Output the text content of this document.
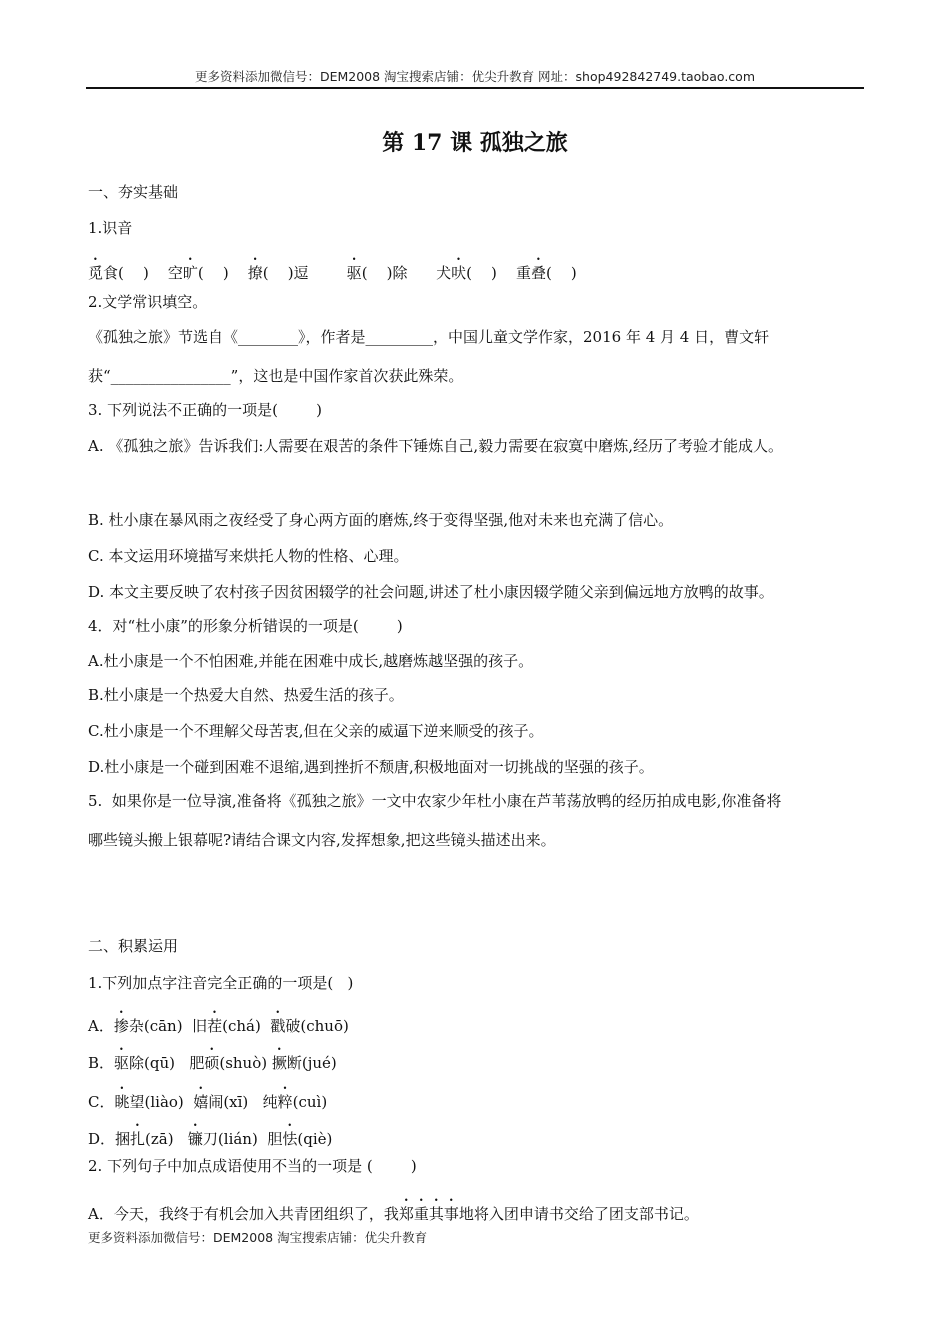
更多资料添加微信号：DEM2008 淘宝搜索店铺：优尖升教育 网址：shop492842749.taobao.com
第 17 课 孤独之旅
一、夯实基础
1.识音
觅食(    )    空旷(    )    撩(    )逗        驱(    )除      犬吠(    )    重叠(    )
2.文学常识填空。
《孤独之旅》节选自《________》，作者是_________，中国儿童文学作家，2016 年 4 月 4 日，曹文轩
获“________________”，这也是中国作家首次获此殊荣。
3. 下列说法不正确的一项是(        )
A. 《孤独之旅》告诉我们:人需要在艰苦的条件下锤炼自己,毅力需要在寂寞中磨炼,经历了考验才能成人。
B. 杜小康在暴风雨之夜经受了身心两方面的磨炼,终于变得坚强,他对未来也充满了信心。
C. 本文运用环境描写来烘托人物的性格、心理。
D. 本文主要反映了农村孩子因贫困辍学的社会问题,讲述了杜小康因辍学随父亲到偏远地方放鸭的故事。
4．对“杜小康”的形象分析错误的一项是(        )
A.杜小康是一个不怕困难,并能在困难中成长,越磨炼越坚强的孩子。
B.杜小康是一个热爱大自然、热爱生活的孩子。
C.杜小康是一个不理解父母苦衷,但在父亲的威逼下逆来顺受的孩子。
D.杜小康是一个碰到困难不退缩,遇到挫折不颓唐,积极地面对一切挑战的坚强的孩子。
5.  如果你是一位导演,准备将《孤独之旅》一文中农家少年杜小康在芦苇荡放鸭的经历拍成电影,你准备将
哪些镜头搬上银幕呢?请结合课文内容,发挥想象,把这些镜头描述出来。
二、积累运用
1.下列加点字注音完全正确的一项是(   )
A．掺杂(cān)  旧茬(chá)  戳破(chuō)
B．驱除(qū)   肥硕(shuò) 撅断(jué)
C．眺望(liào)  嬉闹(xī)   纯粹(cuì)
D．捆扎(zā)   镰刀(lián)  胆怯(qiè)
2. 下列句子中加点成语使用不当的一项是 (        )
A．今天，我终于有机会加入共青团组织了，我郑重其事地将入团申请书交给了团支部书记。
更多资料添加微信号：DEM2008 淘宝搜索店铺：优尖升教育
